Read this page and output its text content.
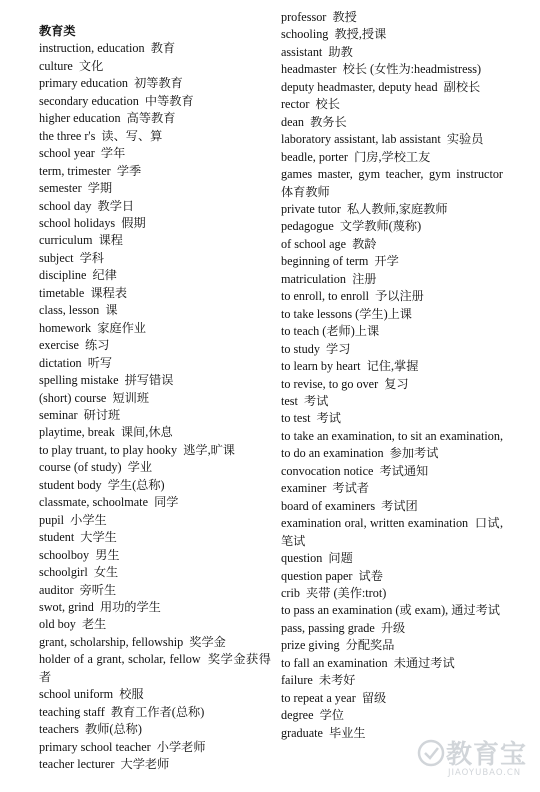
教育类
instruction, education  教育
culture  文化
primary education  初等教育
secondary education  中等教育
higher education  高等教育
the three r's  读、写、算
school year  学年
term, trimester  学季
semester  学期
school day  教学日
school holidays  假期
curriculum  课程
subject  学科
discipline  纪律
timetable  课程表
class, lesson  课
homework  家庭作业
exercise  练习
dictation  听写
spelling mistake  拼写错误
(short) course  短训班
seminar  研讨班
playtime, break  课间,休息
to play truant, to play hooky  逃学,旷课
course (of study)  学业
student body  学生(总称)
classmate, schoolmate  同学
pupil  小学生
student  大学生
schoolboy  男生
schoolgirl  女生
auditor  旁听生
swot, grind  用功的学生
old boy  老生
grant, scholarship, fellowship  奖学金
holder of a grant, scholar, fellow  奖学金获得者
school uniform  校服
teaching staff  教育工作者(总称)
teachers  教师(总称)
primary school teacher  小学老师
teacher lecturer  大学老师
professor  教授
schooling  教授,授课
assistant  助教
headmaster  校长 (女性为:headmistress)
deputy headmaster, deputy head  副校长
rector  校长
dean  教务长
laboratory assistant, lab assistant  实验员
beadle, porter  门房,学校工友
games master, gym teacher, gym instructor  体育教师
private tutor  私人教师,家庭教师
pedagogue  文学教师(蔑称)
of school age  教龄
beginning of term  开学
matriculation  注册
to enroll, to enroll  予以注册
to take lessons (学生)上课
to teach (老师)上课
to study  学习
to learn by heart  记住,掌握
to revise, to go over  复习
test  考试
to test  考试
to take an examination, to sit an examination, to do an examination  参加考试
convocation notice  考试通知
examiner  考试者
board of examiners  考试团
examination oral, written examination  口试,笔试
question  问题
question paper  试卷
crib  夹带 (美作:trot)
to pass an examination (或 exam), 通过考试
pass, passing grade  升级
prize giving  分配奖品
to fall an examination  未通过考试
failure  未考好
to repeat a year  留级
degree  学位
graduate  毕业生
教育宝
JIAOYUBAO.CN
